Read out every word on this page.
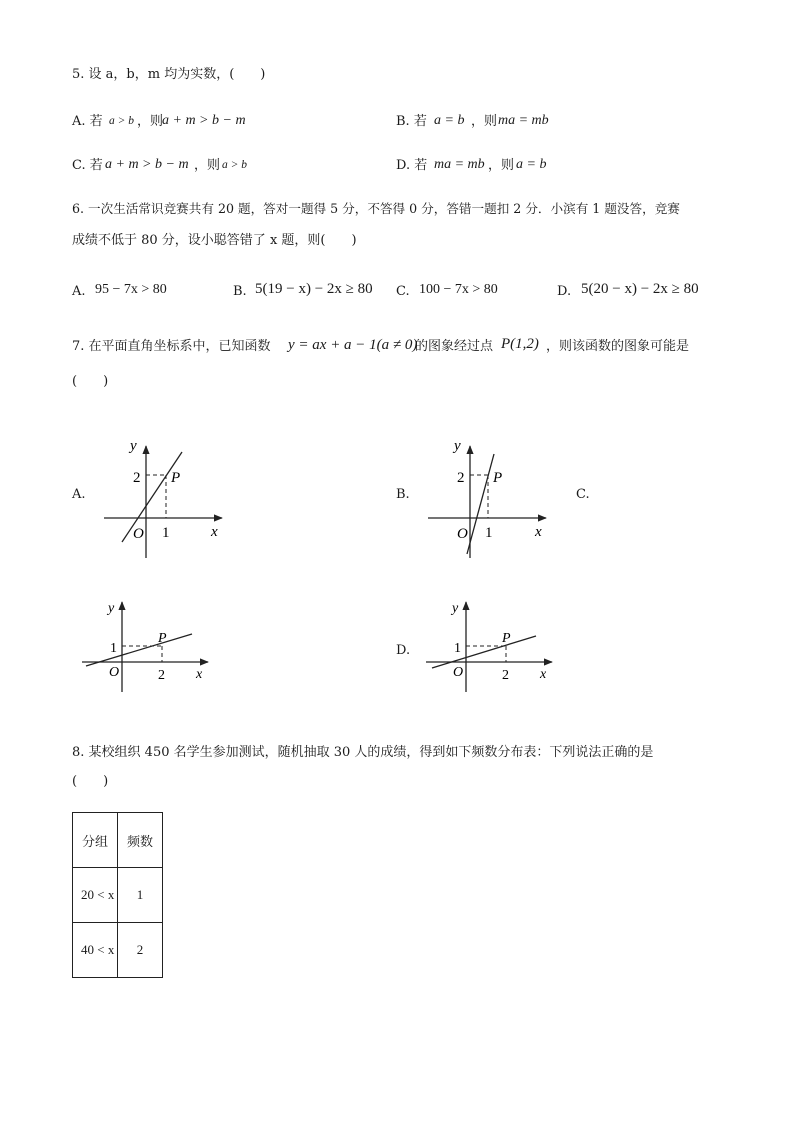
5. 设 a，b，m 均为实数，(　　)
A. 若 a > b ，则
a + m > b − m	B. 若 a = b ，则 ma = mb
C. 若 a + m > b − m ，则 a > b	D. 若 ma = mb ，则 a = b
6. 一次生活常识竞赛共有 20 题，答对一题得 5 分，不答得 0 分，答错一题扣 2 分．小滨有 1 题没答，竞赛
成绩不低于 80 分，设小聪答错了 x 题，则(　　)
A. 95 − 7x > 80	B. 5(19 − x) − 2x ≥ 80 C. 100 − 7x > 80	D. 5(20 − x) − 2x ≥ 80
7. 在平面直角坐标系中，已知函数 y = ax + a − 1(a ≠ 0)
的图象经过点 P(1,2) ，则该函数的图象可能是
(　　)
A.	B.	C.
D.
y
x
O
2
1
P
y
x
O
2
1
P
y
x
O
1
2
P
y
x
O
1
2
P
8. 某校组织 450 名学生参加测试，随机抽取 30 人的成绩，得到如下频数分布表：下列说法正确的是
(　　)
分组	频数
20 < x	1
40 < x	2
